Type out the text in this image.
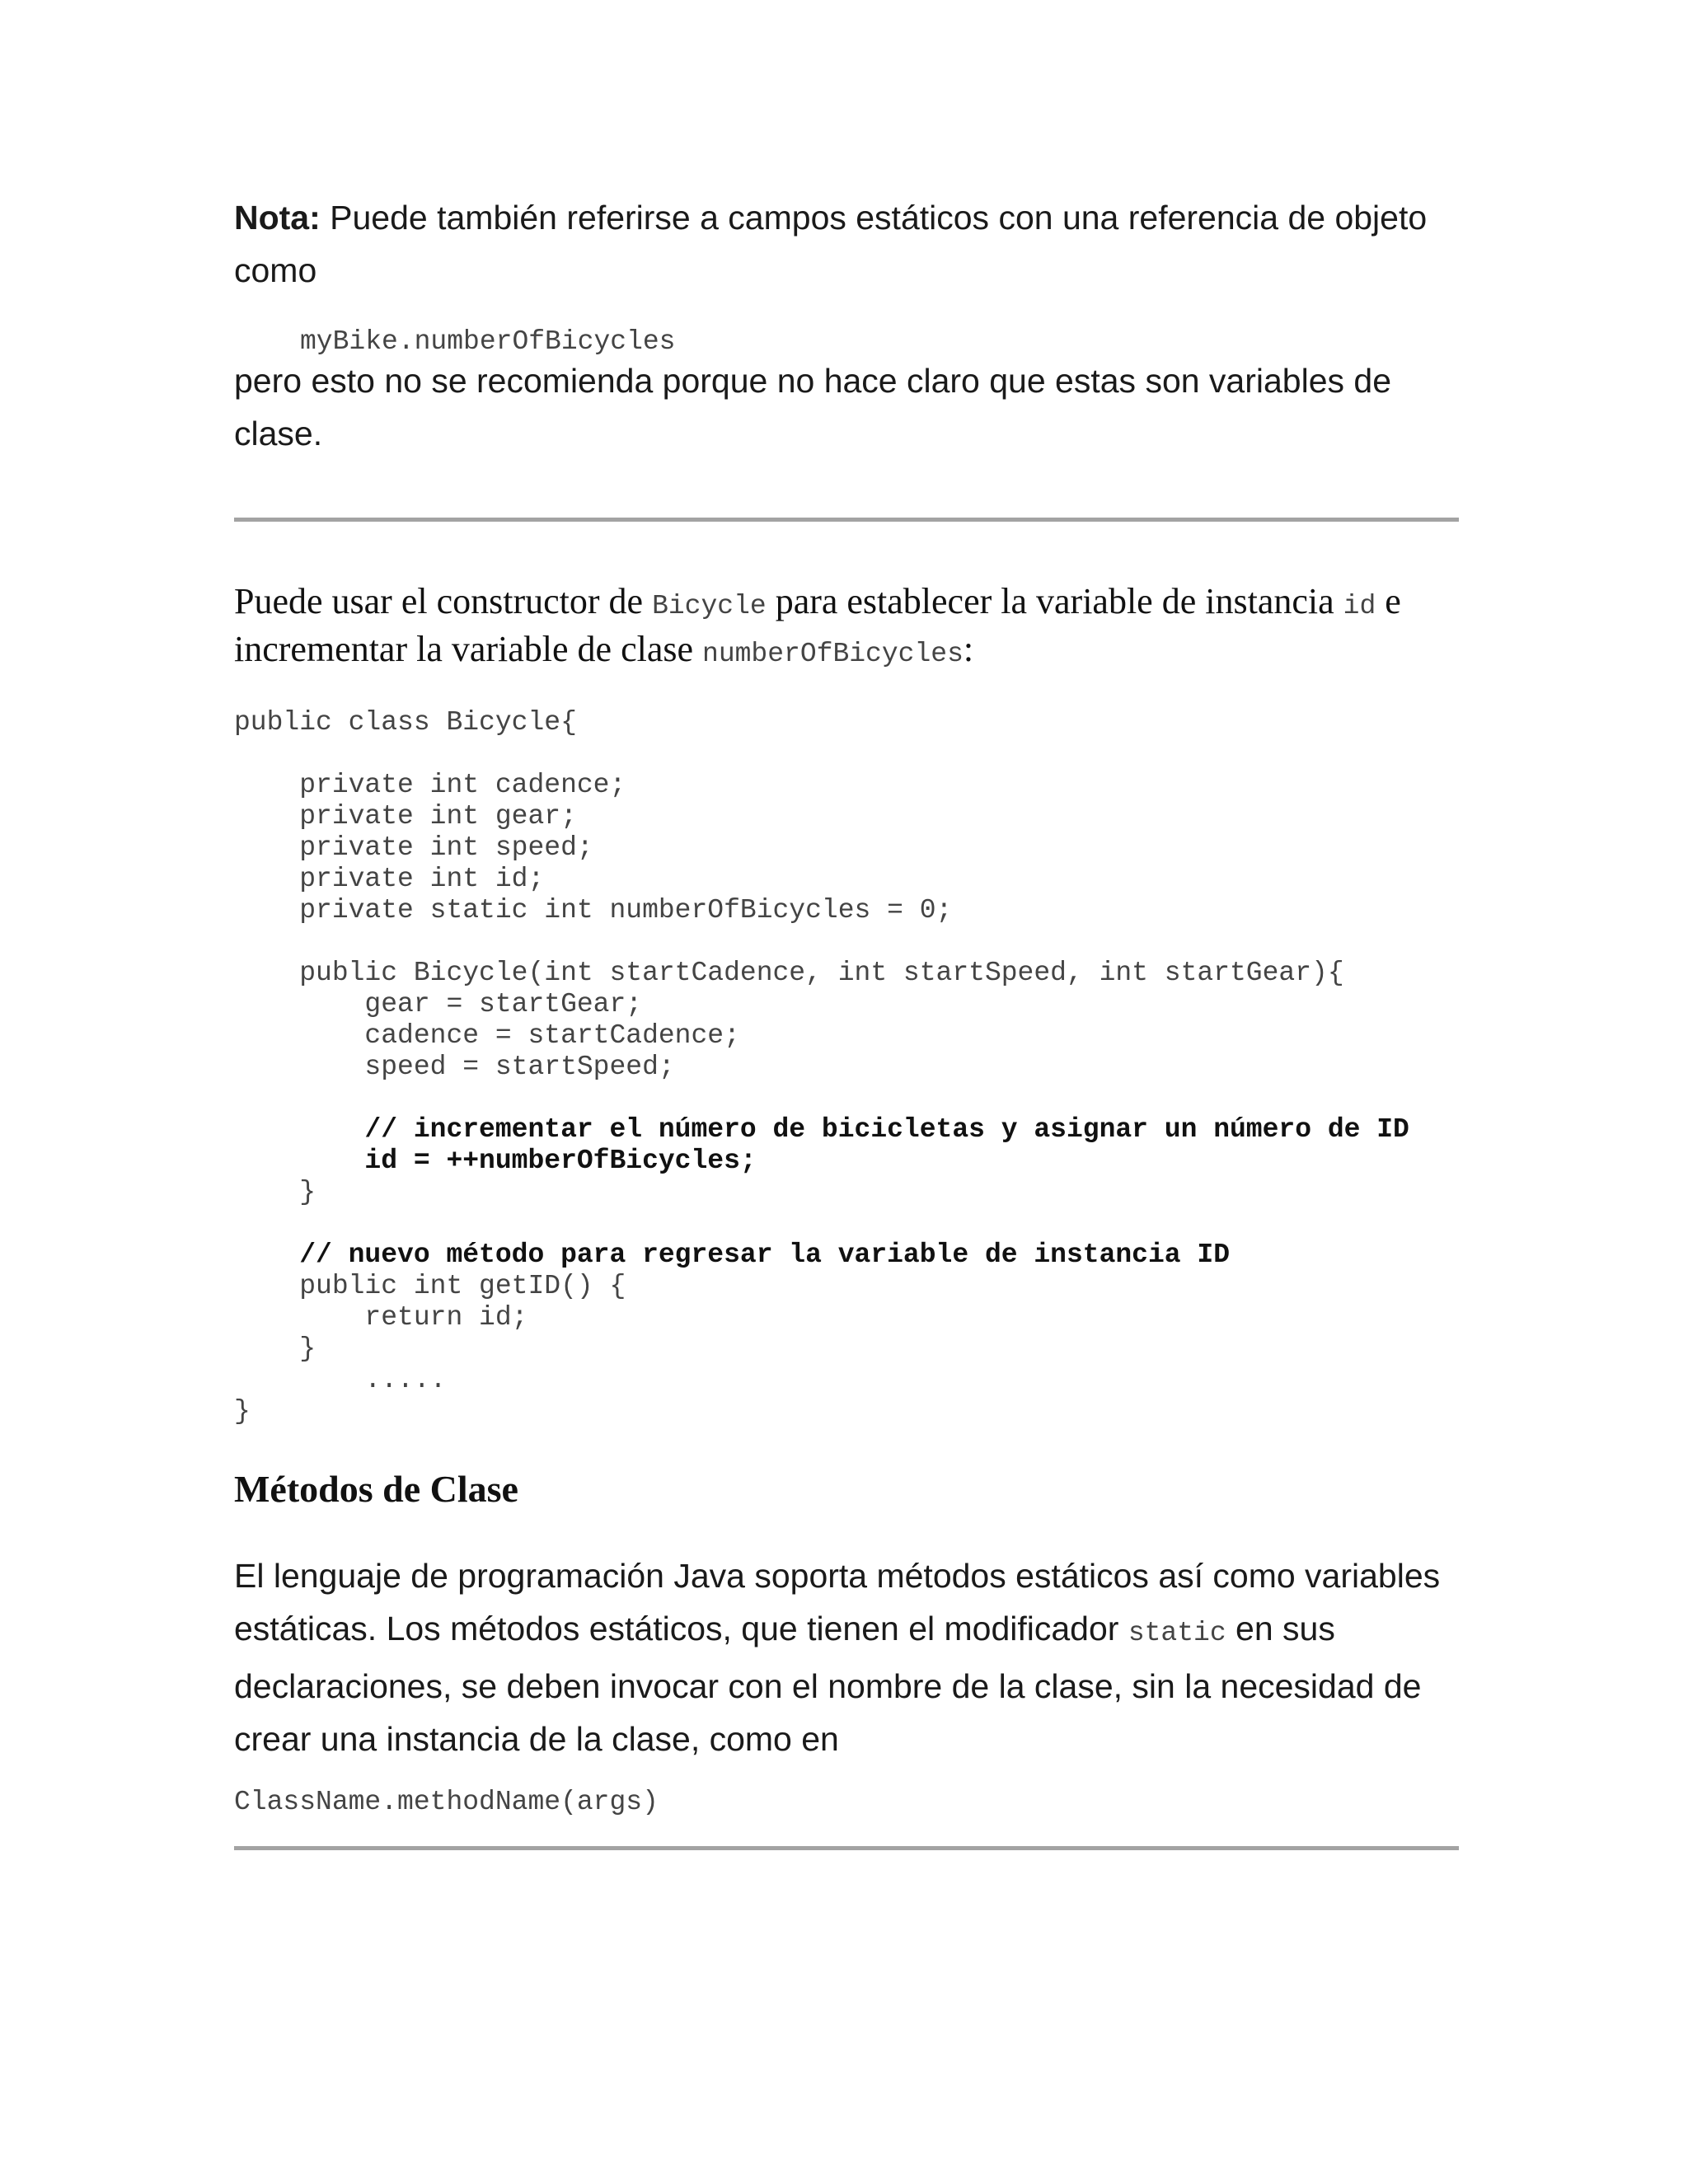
Nota: Puede también referirse a campos estáticos con una referencia de objeto como
myBike.numberOfBicycles
pero esto no se recomienda porque no hace claro que estas son variables de clase.
Puede usar el constructor de Bicycle para establecer la variable de instancia id e incrementar la variable de clase numberOfBicycles:
public class Bicycle{

private int cadence;
private int gear;
private int speed;
private int id;
private static int numberOfBicycles = 0;

public Bicycle(int startCadence, int startSpeed, int startGear){
gear = startGear;
cadence = startCadence;
speed = startSpeed;

// incrementar el número de bicicletas y asignar un número de ID
id = ++numberOfBicycles;
}

// nuevo método para regresar la variable de instancia ID
public int getID() {
return id;
}
.....
}
Métodos de Clase
El lenguaje de programación Java soporta métodos estáticos así como variables estáticas. Los métodos estáticos, que tienen el modificador static en sus declaraciones, se deben invocar con el nombre de la clase, sin la necesidad de crear una instancia de la clase, como en
ClassName.methodName(args)
